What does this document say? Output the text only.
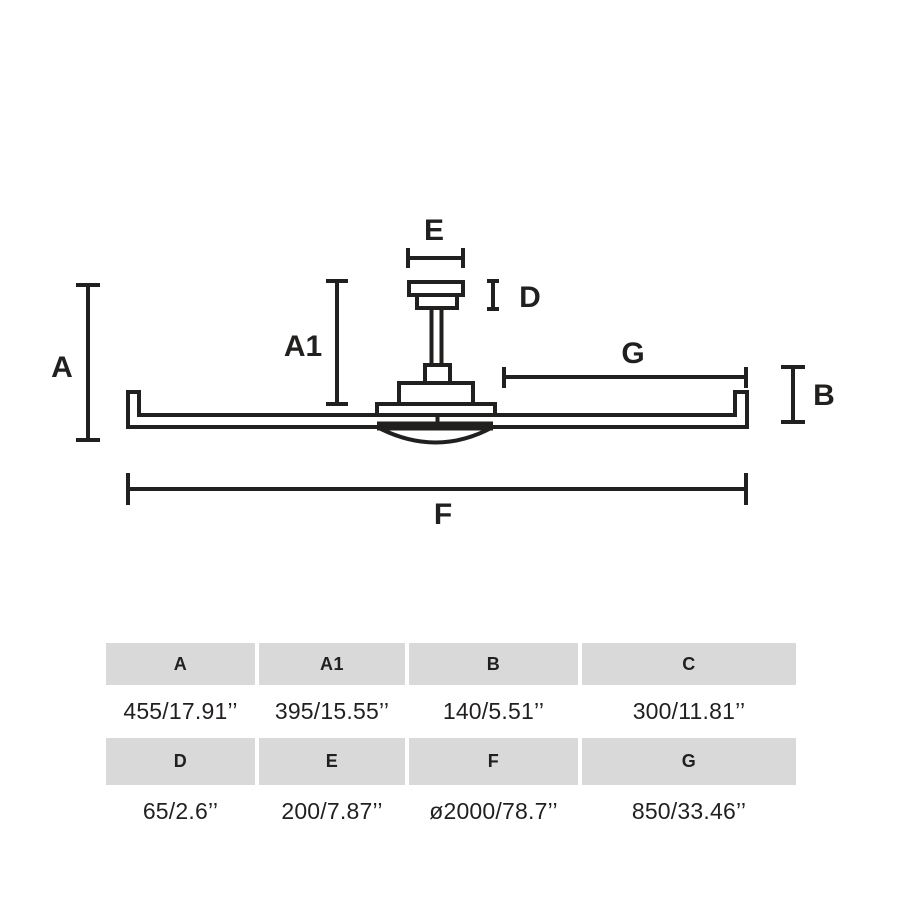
E
D
A
A1	G
B
F
A	A1	B	C
455/17.91’’	395/15.55’’	140/5.51’’	300/11.81’’
D	E	F	G
65/2.6’’	200/7.87’’	ø2000/78.7’’	850/33.46’’
